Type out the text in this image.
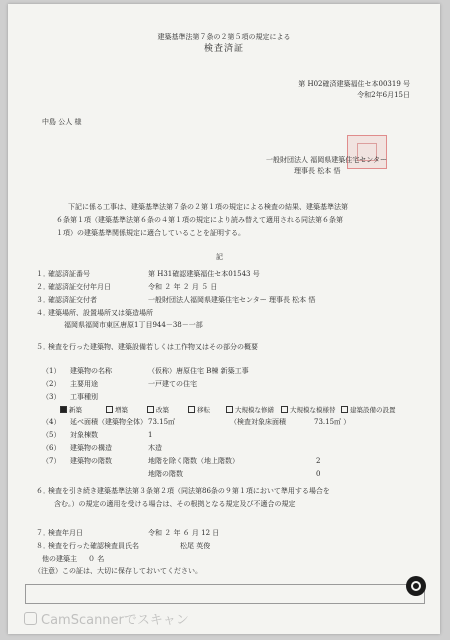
建築基準法第７条の２第５項の規定による
検査済証
第 H02確済建築福住セ本00319 号
令和2年6月15日
中島 公人 様
一般財団法人 福岡県建築住宅センター
理事長 松本 悟
下記に係る工事は、建築基準法第７条の２第１項の規定による検査の結果、建築基準法第
６条第１項（建築基準法第６条の４第１項の規定により読み替えて適用される同法第６条第
１項）の建築基準関係規定に適合していることを証明する。
記
１．
確認済証番号	第 H31確認建築福住セ本01543 号
２．
確認済証交付年月日	令和 ２ 年 ２ 月 ５ 日
３．
確認済証交付者	一般財団法人福岡県建築住宅センター 理事長 松本 悟
４．
建築場所、設置場所又は築造場所
福岡県福岡市東区唐原1丁目944－38－一部
５．
検査を行った建築物、建築設備若しくは工作物又はその部分の概要
（1） 建築物の名称	（仮称）唐原住宅 B棟 新築工事
（2） 主要用途	一戸建ての住宅
（3） 工事種別
新築	増築	改築	移転	大規模な修繕	大規模な模様替	建築設備の設置
（4） 延べ面積（建築物全体） 73.15㎡	（検査対象床面積	73.15㎡ ）
（5） 対象棟数	1
（6） 建築物の構造	木造
（7） 建築物の階数	地階を除く階数（地上階数）	2
地階の階数	0
６．
検査を引き続き建築基準法第３条第２項（同法第86条の９第１項において準用する場合を
含む。）の規定の適用を受ける場合は、その根拠となる規定及び不適合の規定
７．
検査年月日	令和 ２ 年 ６ 月 12 日
８．
検査を行った確認検査員氏名	松尾 英俊
他の建築主 ０ 名
（注意）この証は、大切に保存しておいてください。
CamScannerでスキャン
